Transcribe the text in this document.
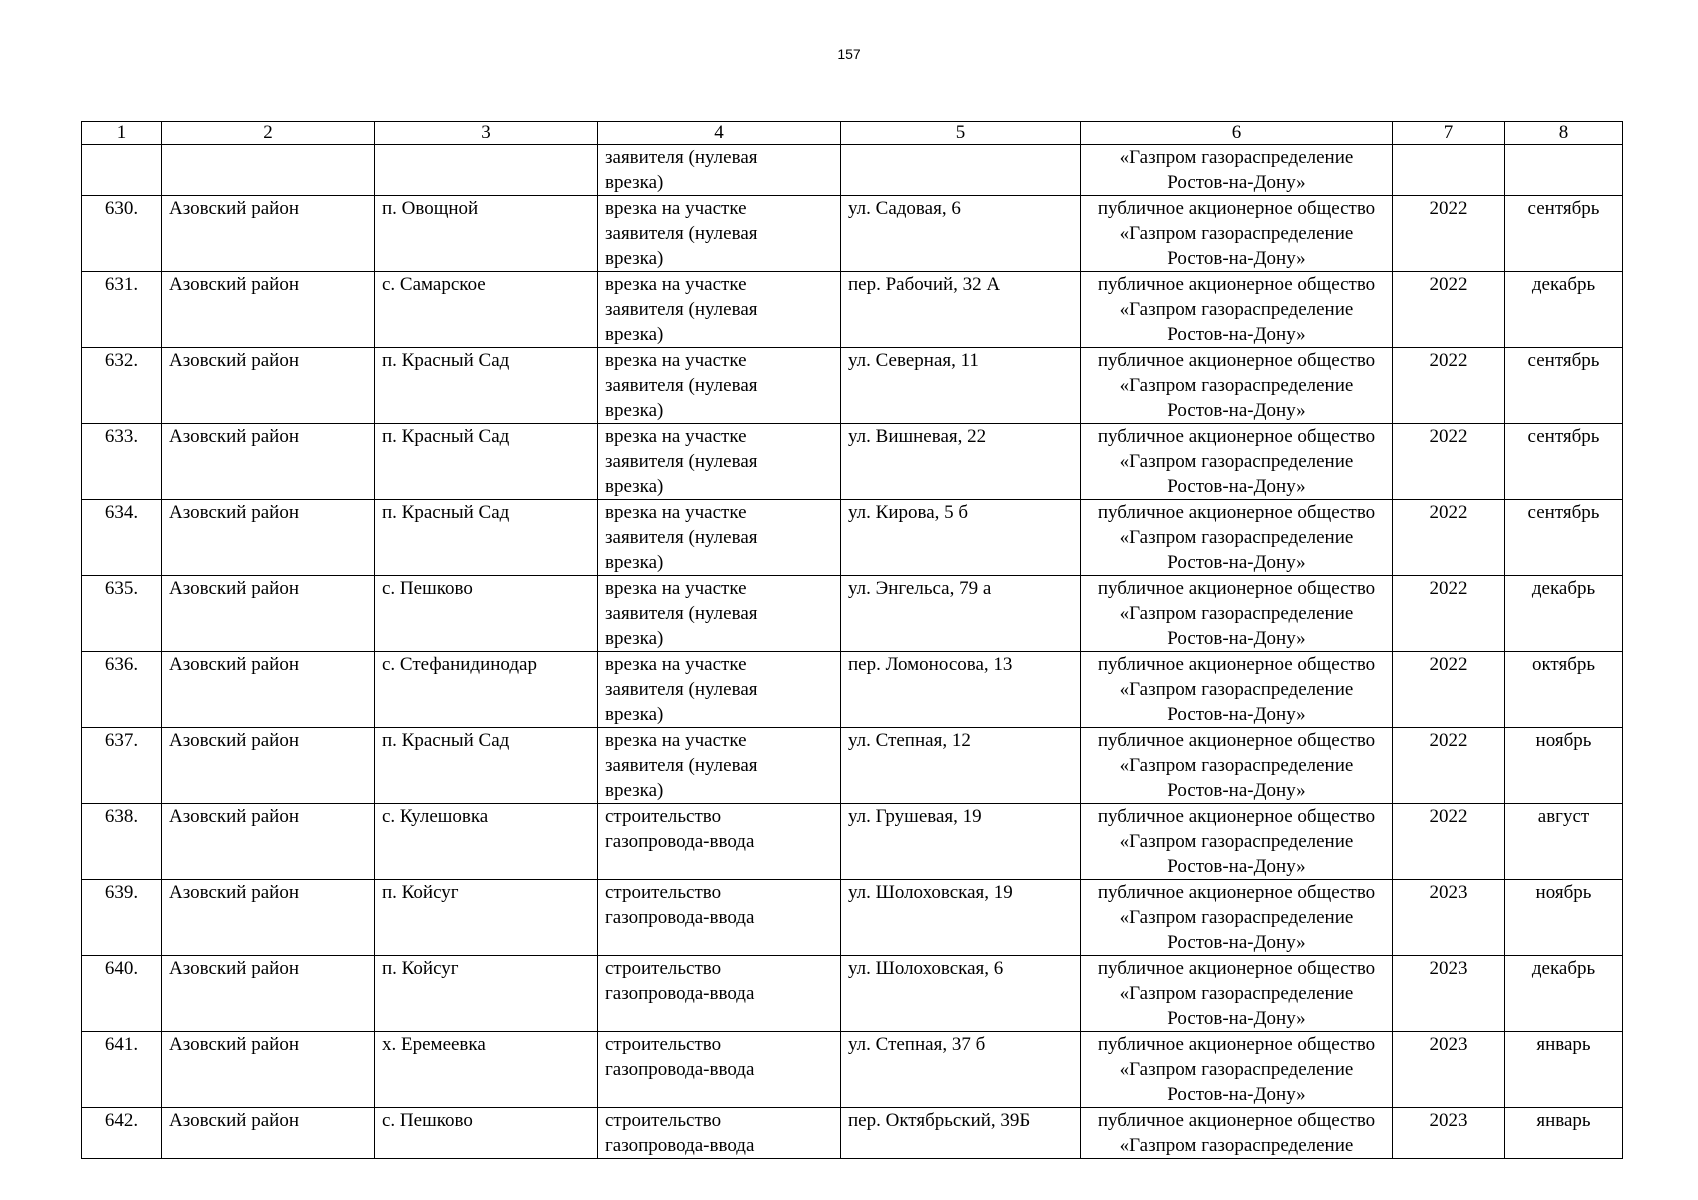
157
1	2	3	4	5	6	7	8
			заявителя (нулевая
врезка)		«Газпром газораспределение
Ростов-на-Дону»		
630.	Азовский район	п. Овощной	врезка на участке
заявителя (нулевая
врезка)	ул. Садовая, 6	публичное акционерное общество
«Газпром газораспределение
Ростов-на-Дону»	2022	сентябрь
631.	Азовский район	с. Самарское	врезка на участке
заявителя (нулевая
врезка)	пер. Рабочий, 32 А	публичное акционерное общество
«Газпром газораспределение
Ростов-на-Дону»	2022	декабрь
632.	Азовский район	п. Красный Сад	врезка на участке
заявителя (нулевая
врезка)	ул. Северная, 11	публичное акционерное общество
«Газпром газораспределение
Ростов-на-Дону»	2022	сентябрь
633.	Азовский район	п. Красный Сад	врезка на участке
заявителя (нулевая
врезка)	ул. Вишневая, 22	публичное акционерное общество
«Газпром газораспределение
Ростов-на-Дону»	2022	сентябрь
634.	Азовский район	п. Красный Сад	врезка на участке
заявителя (нулевая
врезка)	ул. Кирова, 5 б	публичное акционерное общество
«Газпром газораспределение
Ростов-на-Дону»	2022	сентябрь
635.	Азовский район	с. Пешково	врезка на участке
заявителя (нулевая
врезка)	ул. Энгельса, 79 а	публичное акционерное общество
«Газпром газораспределение
Ростов-на-Дону»	2022	декабрь
636.	Азовский район	с. Стефанидинодар	врезка на участке
заявителя (нулевая
врезка)	пер. Ломоносова, 13	публичное акционерное общество
«Газпром газораспределение
Ростов-на-Дону»	2022	октябрь
637.	Азовский район	п. Красный Сад	врезка на участке
заявителя (нулевая
врезка)	ул. Степная, 12	публичное акционерное общество
«Газпром газораспределение
Ростов-на-Дону»	2022	ноябрь
638.	Азовский район	с. Кулешовка	строительство
газопровода-ввода	ул. Грушевая, 19	публичное акционерное общество
«Газпром газораспределение
Ростов-на-Дону»	2022	август
639.	Азовский район	п. Койсуг	строительство
газопровода-ввода	ул. Шолоховская, 19	публичное акционерное общество
«Газпром газораспределение
Ростов-на-Дону»	2023	ноябрь
640.	Азовский район	п. Койсуг	строительство
газопровода-ввода	ул. Шолоховская, 6	публичное акционерное общество
«Газпром газораспределение
Ростов-на-Дону»	2023	декабрь
641.	Азовский район	х. Еремеевка	строительство
газопровода-ввода	ул. Степная, 37 б	публичное акционерное общество
«Газпром газораспределение
Ростов-на-Дону»	2023	январь
642.	Азовский район	с. Пешково	строительство
газопровода-ввода	пер. Октябрьский, 39Б	публичное акционерное общество
«Газпром газораспределение	2023	январь
